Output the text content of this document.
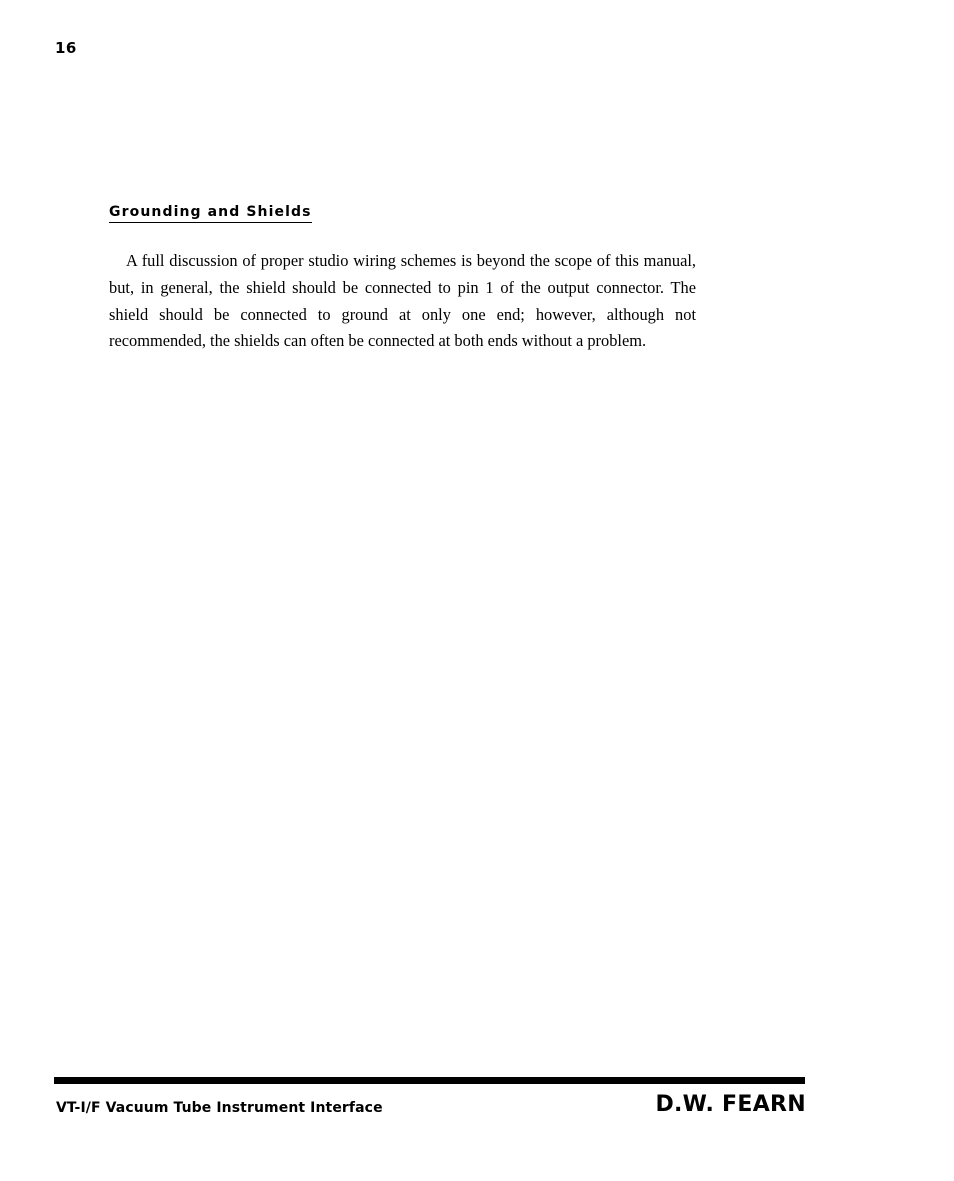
16
Grounding and Shields

A full discussion of proper studio wiring schemes is beyond the scope of this manual, but, in general, the shield should be connected to pin 1 of the output connector. The shield should be connected to ground at only one end; however, although not recommended, the shields can often be connected at both ends without a problem.

VT-I/F Vacuum Tube Instrument Interface	D.W. FEARN
